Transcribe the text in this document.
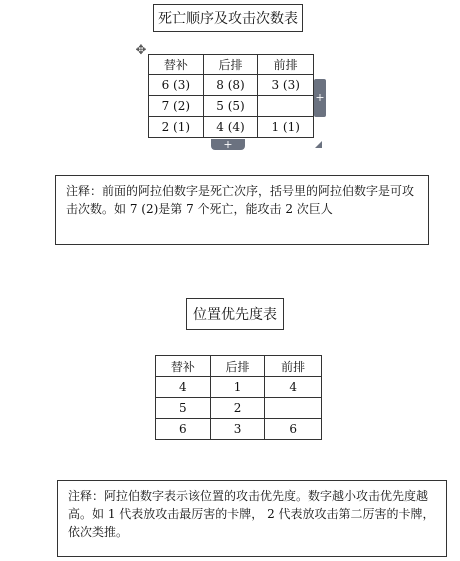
死亡顺序及攻击次数表
✥
替补	后排	前排
6 (3)	8 (8)	3 (3)
7 (2)	5 (5)	
2 (1)	4 (4)	1 (1)
+
+
注释：前面的阿拉伯数字是死亡次序，括号里的阿拉伯数字是可攻击次数。如 7 (2)是第 7 个死亡，能攻击 2 次巨人
位置优先度表
替补	后排	前排
4	1	4
5	2	
6	3	6
注释：阿拉伯数字表示该位置的攻击优先度。数字越小攻击优先度越高。如 1 代表放攻击最厉害的卡牌， 2 代表放攻击第二厉害的卡牌，依次类推。
